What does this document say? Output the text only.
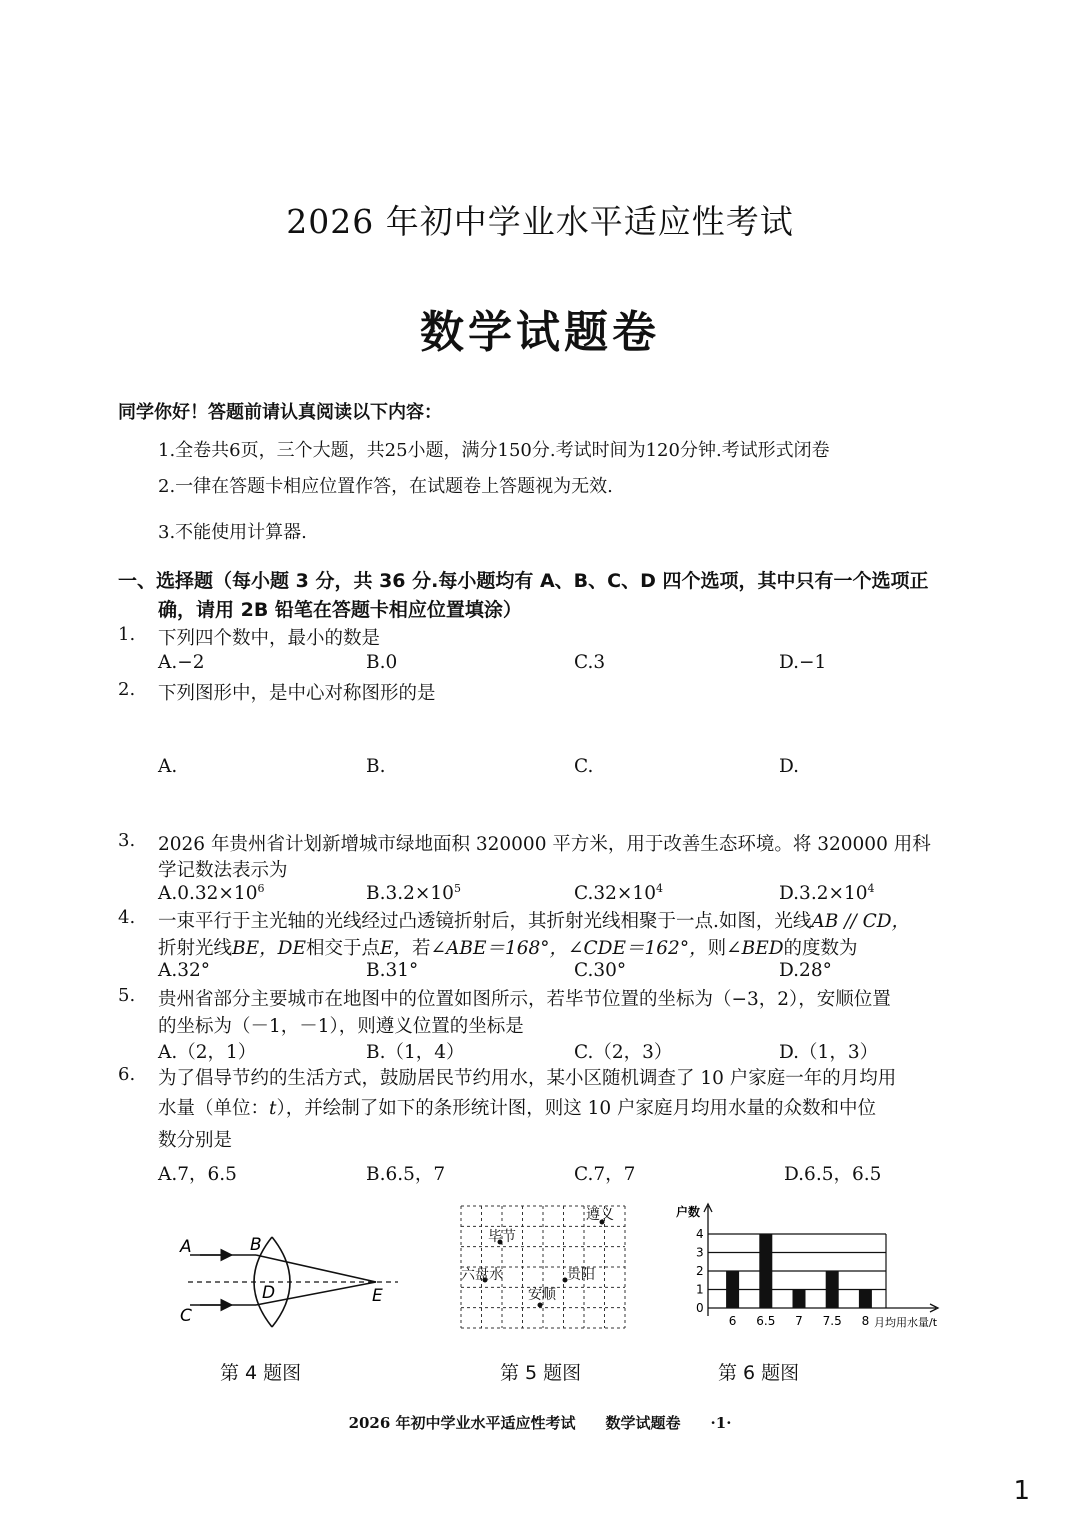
2026 年初中学业水平适应性考试
数学试题卷
同学你好！答题前请认真阅读以下内容：
1.全卷共6页，三个大题，共25小题，满分150分.考试时间为120分钟.考试形式闭卷
2.一律在答题卡相应位置作答，在试题卷上答题视为无效.
3.不能使用计算器.
一、选择题（每小题 3 分，共 36 分.每小题均有 A、B、C、D 四个选项，其中只有一个选项正
确，请用 2B 铅笔在答题卡相应位置填涂）
1. 下列四个数中，最小的数是
A.−2	B.0	C.3	D.−1
2. 下列图形中，是中心对称图形的是
A.	B.	C.	D.
3. 2026 年贵州省计划新增城市绿地面积 320000 平方米，用于改善生态环境。将 320000 用科
学记数法表示为
$A.0.32\times 10^6$	$B.3.2\times 10^5$	$C.32\times 10^4$	$D.3.2\times 10^4$
4. 一束平行于主光轴的光线经过凸透镜折射后，其折射光线相聚于一点.如图，光线AB // CD，
折射光线BE，DE相交于点E，若∠ABE＝168°，∠CDE＝162°，则∠BED的度数为
A.32°	B.31°	C.30°	D.28°
5. 贵州省部分主要城市在地图中的位置如图所示，若毕节位置的坐标为（−3，2），安顺位置
的坐标为（－1，－1），则遵义位置的坐标是
A.（2，1）	B.（1，4）	C.（2，3）	D.（1，3）
6. 为了倡导节约的生活方式，鼓励居民节约用水，某小区随机调查了 10 户家庭一年的月均用
水量（单位：t），并绘制了如下的条形统计图，则这 10 户家庭月均用水量的众数和中位
数分别是
A.7，6.5	B.6.5，7	C.7，7	D.6.5，6.5
A	B
C
D	E
遵义
毕节
六盘水	贵阳
安顺
户数
月均用水量/t
0
1
2
3
4
6 6.5 7 7.5 8
第 4 题图	第 5 题图	第 6 题图
2026 年初中学业水平适应性考试　　数学试题卷　　·1·
1
